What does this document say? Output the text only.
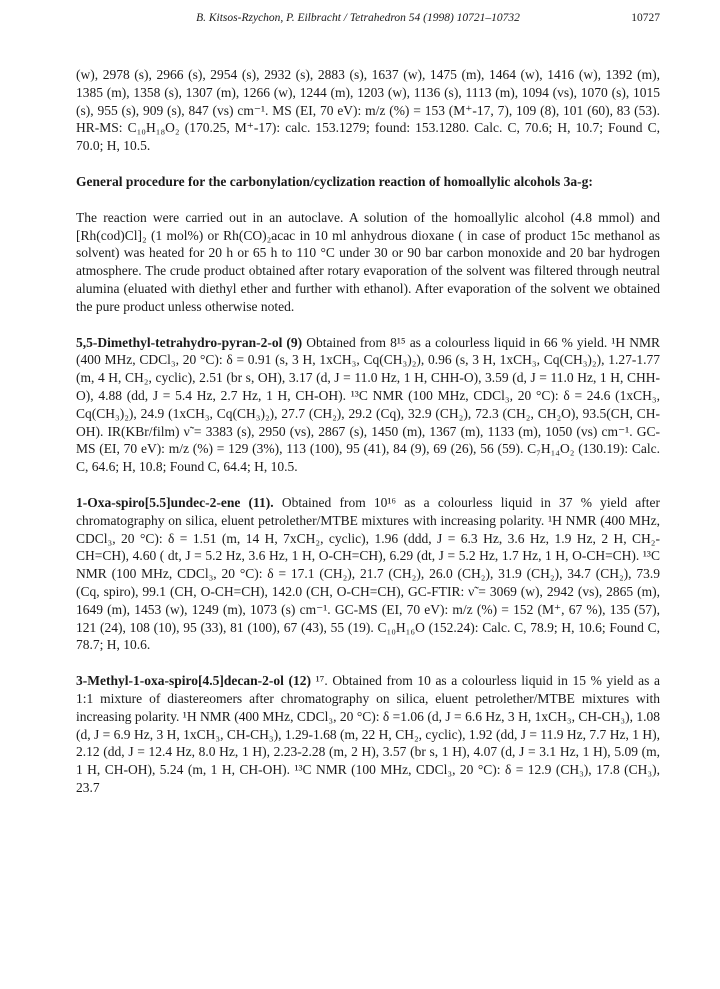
B. Kitsos-Rzychon, P. Eilbracht / Tetrahedron 54 (1998) 10721–10732	10727

(w), 2978 (s), 2966 (s), 2954 (s), 2932 (s), 2883 (s), 1637 (w), 1475 (m), 1464 (w), 1416 (w), 1392 (m), 1385 (m), 1358 (s), 1307 (m), 1266 (w), 1244 (m), 1203 (w), 1136 (s), 1113 (m), 1094 (vs), 1070 (s), 1015 (s), 955 (s), 909 (s), 847 (vs) cm⁻¹. MS (EI, 70 eV): m/z (%) = 153 (M⁺-17, 7), 109 (8), 101 (60), 83 (53). HR-MS: C₁₀H₁₈O₂ (170.25, M⁺-17): calc. 153.1279; found: 153.1280. Calc. C, 70.6; H, 10.7; Found C, 70.0; H, 10.5.

General procedure for the carbonylation/cyclization reaction of homoallylic alcohols 3a-g:

The reaction were carried out in an autoclave. A solution of the homoallylic alcohol (4.8 mmol) and [Rh(cod)Cl]₂ (1 mol%) or Rh(CO)₂acac in 10 ml anhydrous dioxane ( in case of product 15c methanol as solvent) was heated for 20 h or 65 h to 110 °C under 30 or 90 bar carbon monoxide and 20 bar hydrogen atmosphere. The crude product obtained after rotary evaporation of the solvent was filtered through neutral alumina (eluated with diethyl ether and further with ethanol). After evaporation of the solvent we obtained the pure product unless otherwise noted.

5,5-Dimethyl-tetrahydro-pyran-2-ol (9) Obtained from 8¹⁵ as a colourless liquid in 66 % yield. ¹H NMR (400 MHz, CDCl₃, 20 °C): δ = 0.91 (s, 3 H, 1xCH₃, Cq(CH₃)₂), 0.96 (s, 3 H, 1xCH₃, Cq(CH₃)₂), 1.27-1.77 (m, 4 H, CH₂, cyclic), 2.51 (br s, OH), 3.17 (d, J = 11.0 Hz, 1 H, CHH-O), 3.59 (d, J = 11.0 Hz, 1 H, CHH-O), 4.88 (dd, J = 5.4 Hz, 2.7 Hz, 1 H, CH-OH). ¹³C NMR (100 MHz, CDCl₃, 20 °C): δ = 24.6 (1xCH₃, Cq(CH₃)₂), 24.9 (1xCH₃, Cq(CH₃)₂), 27.7 (CH₂), 29.2 (Cq), 32.9 (CH₂), 72.3 (CH₂, CH₂O), 93.5(CH, CH-OH). IR(KBr/film) ν̃ = 3383 (s), 2950 (vs), 2867 (s), 1450 (m), 1367 (m), 1133 (m), 1050 (vs) cm⁻¹. GC-MS (EI, 70 eV): m/z (%) = 129 (3%), 113 (100), 95 (41), 84 (9), 69 (26), 56 (59). C₇H₁₄O₂ (130.19): Calc. C, 64.6; H, 10.8; Found C, 64.4; H, 10.5.

1-Oxa-spiro[5.5]undec-2-ene (11). Obtained from 10¹⁶ as a colourless liquid in 37 % yield after chromatography on silica, eluent petrolether/MTBE mixtures with increasing polarity. ¹H NMR (400 MHz, CDCl₃, 20 °C): δ = 1.51 (m, 14 H, 7xCH₂, cyclic), 1.96 (ddd, J = 6.3 Hz, 3.6 Hz, 1.9 Hz, 2 H, CH₂-CH=CH), 4.60 ( dt, J = 5.2 Hz, 3.6 Hz, 1 H, O-CH=CH), 6.29 (dt, J = 5.2 Hz, 1.7 Hz, 1 H, O-CH=CH). ¹³C NMR (100 MHz, CDCl₃, 20 °C): δ = 17.1 (CH₂), 21.7 (CH₂), 26.0 (CH₂), 31.9 (CH₂), 34.7 (CH₂), 73.9 (Cq, spiro), 99.1 (CH, O-CH=CH), 142.0 (CH, O-CH=CH), GC-FTIR: ν̃ = 3069 (w), 2942 (vs), 2865 (m), 1649 (m), 1453 (w), 1249 (m), 1073 (s) cm⁻¹. GC-MS (EI, 70 eV): m/z (%) = 152 (M⁺, 67 %), 135 (57), 121 (24), 108 (10), 95 (33), 81 (100), 67 (43), 55 (19). C₁₀H₁₆O (152.24): Calc. C, 78.9; H, 10.6; Found C, 78.7; H, 10.6.

3-Methyl-1-oxa-spiro[4.5]decan-2-ol (12) ¹⁷. Obtained from 10 as a colourless liquid in 15 % yield as a 1:1 mixture of diastereomers after chromatography on silica, eluent petrolether/MTBE mixtures with increasing polarity. ¹H NMR (400 MHz, CDCl₃, 20 °C): δ =1.06 (d, J = 6.6 Hz, 3 H, 1xCH₃, CH-CH₃), 1.08 (d, J = 6.9 Hz, 3 H, 1xCH₃, CH-CH₃), 1.29-1.68 (m, 22 H, CH₂, cyclic), 1.92 (dd, J = 11.9 Hz, 7.7 Hz, 1 H), 2.12 (dd, J = 12.4 Hz, 8.0 Hz, 1 H), 2.23-2.28 (m, 2 H), 3.57 (br s, 1 H), 4.07 (d, J = 3.1 Hz, 1 H), 5.09 (m, 1 H, CH-OH), 5.24 (m, 1 H, CH-OH). ¹³C NMR (100 MHz, CDCl₃, 20 °C): δ = 12.9 (CH₃), 17.8 (CH₃), 23.7
